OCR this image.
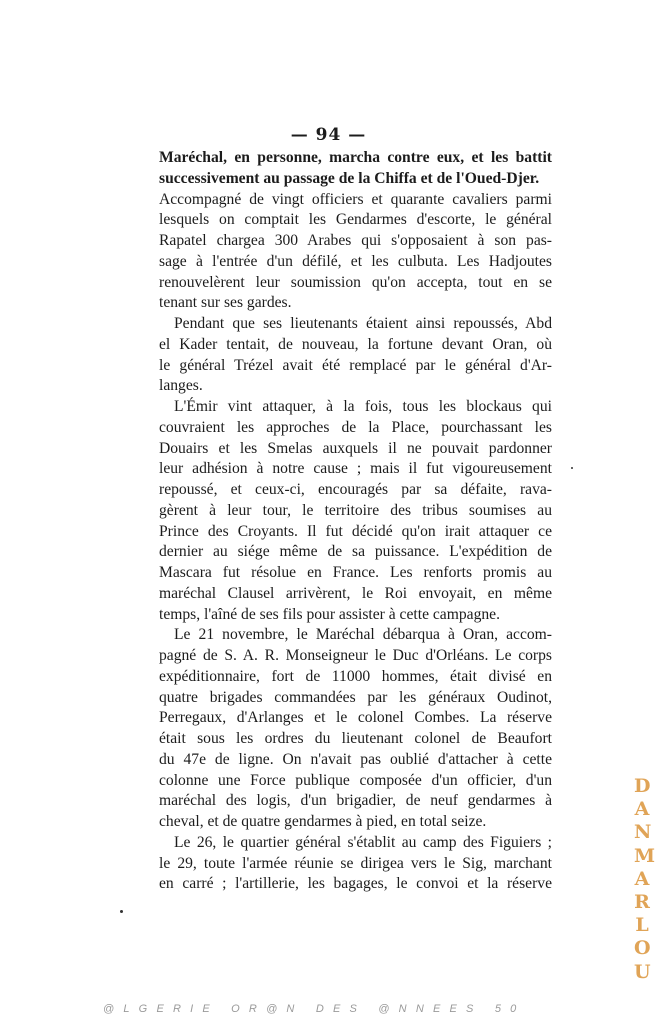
— 94 —
Maréchal, en personne, marcha contre eux, et les battit
successivement au passage de la Chiffa et de l'Oued-Djer.
Accompagné de vingt officiers et quarante cavaliers parmi
lesquels on comptait les Gendarmes d'escorte, le général
Rapatel chargea 300 Arabes qui s'opposaient à son pas-
sage à l'entrée d'un défilé, et les culbuta. Les Hadjoutes
renouvelèrent leur soumission qu'on accepta, tout en se
tenant sur ses gardes.
Pendant que ses lieutenants étaient ainsi repoussés, Abd
el Kader tentait, de nouveau, la fortune devant Oran, où
le général Trézel avait été remplacé par le général d'Ar-
langes.
L'Émir vint attaquer, à la fois, tous les blockaus qui
couvraient les approches de la Place, pourchassant les
Douairs et les Smelas auxquels il ne pouvait pardonner
leur adhésion à notre cause ; mais il fut vigoureusement
repoussé, et ceux-ci, encouragés par sa défaite, rava-
gèrent à leur tour, le territoire des tribus soumises au
Prince des Croyants. Il fut décidé qu'on irait attaquer ce
dernier au siége même de sa puissance. L'expédition de
Mascara fut résolue en France. Les renforts promis au
maréchal Clausel arrivèrent, le Roi envoyait, en même
temps, l'aîné de ses fils pour assister à cette campagne.
Le 21 novembre, le Maréchal débarqua à Oran, accom-
pagné de S. A. R. Monseigneur le Duc d'Orléans. Le corps
expéditionnaire, fort de 11000 hommes, était divisé en
quatre brigades commandées par les généraux Oudinot,
Perregaux, d'Arlanges et le colonel Combes. La réserve
était sous les ordres du lieutenant colonel de Beaufort
du 47e de ligne. On n'avait pas oublié d'attacher à cette
colonne une Force publique composée d'un officier, d'un
maréchal des logis, d'un brigadier, de neuf gendarmes à
cheval, et de quatre gendarmes à pied, en total seize.
Le 26, le quartier général s'établit au camp des Figuiers ;
le 29, toute l'armée réunie se dirigea vers le Sig, marchant
en carré ; l'artillerie, les bagages, le convoi et la réserve
DANMARLOU
@LGERIE OR@N DES @NNEES 50
